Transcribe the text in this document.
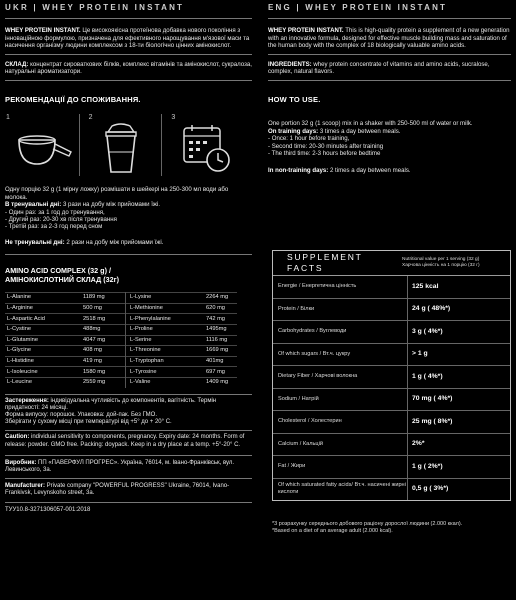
UKR | WHEY PROTEIN INSTANT
WHEY PROTEIN INSTANT. Це високоякісна протеїнова добавка нового покоління з інноваційною формулою, призначена для ефективного нарощування м'язової маси та насичення організму людини комплексом з 18-ти біологічно цінних амінокислот.
СКЛАД: концентрат сироваткових білків, комплекс вітамінів та амінокислот, сукралоза, натуральні ароматизатори.
РЕКОМЕНДАЦІЇ ДО СПОЖИВАННЯ.
1	2	3
Одну порцію 32 g (1 мірну ложку) розмішати в шейкері на 250-300 мл води або молока.
В тренувальні дні: 3 рази на добу між прийомами їжі.
- Один раз: за 1 год до тренування,
- Другий раз: 20-30 хв після тренування
- Третій раз: за 2-3 год перед сном
Не тренувальні дні: 2 рази на добу між прийомами їжі.
AMINO ACID COMPLEX (32 g) /
АМІНОКИСЛОТНИЙ СКЛАД (32г)
L-Alanine	1189 mg	L-Lysine	2264 mg
L-Arginine	500 mg	L-Methionine	620 mg
L-Aspartic Acid	2518 mg	L-Phenylalanine	742 mg
L-Cystine	488mg	L-Proline	1495mg
L-Glutamine	4047 mg	L-Serine	1116 mg
L-Glycine	408 mg	L-Threonine	1669 mg
L-Histidine	419 mg	L-Tryptophan	401mg
L-Isoleucine	1580 mg	L-Tyrosine	697 mg
L-Leucine	2559 mg	L-Valine	1409 mg
Застереження: індивідуальна чутливість до компонентів, вагітність. Термін придатності: 24 місяці.
Форма випуску: порошок. Упаковка: дой-пак. Без ГМО.
Зберігати у сухому місці при температурі від +5° до + 20° С.
Caution: individual sensitivity to components, pregnancy. Expiry date: 24 months. Form of release: powder. GMO free. Packing: doypack. Keep in a dry place at a temp. +5°-20° C.
Виробник: ПП «ПАВЕРФУЛ ПРОГРЕС». Україна, 76014, м. Івано-Франківськ, вул. Левинського, 3а.
Manufacturer: Private company "POWERFUL PROGRESS" Ukraine, 76014, Ivano-Frankivsk, Levynskoho street, 3a.
ТУУ10.8-3271306057-001:2018
ENG | WHEY PROTEIN INSTANT
WHEY PROTEIN INSTANT. This is high-quality protein a supplement of a new generation with an innovative formula, designed for effective muscle building mass and saturation of the human body with the complex of 18 biologically valuable amino acids.
INGREDIENTS: whey protein concentrate of vitamins and amino acids, sucralose, complex, natural flavors.
HOW TO USE.
One portion 32 g (1 scoop) mix in a shaker with 250-500 ml of water or milk.
On training days: 3 times a day between meals.
- Once: 1 hour before training,
- Second time: 20-30 minutes after training
- The third time: 2-3 hours before bedtime
In non-training days: 2 times a day between meals.
SUPPLEMENT FACTS
Nutritional value per 1 serving (32 g)
Харчова цінність на 1 порцію (32 г)
Energie / Енергетична цінність	125 kcal
Protein / Білки	24 g ( 48%*)
Carbohydrates / Вуглеводи	3 g ( 4%*)
Of which sugars / Вт.ч. цукру	> 1 g
Dietary Fiber / Харчові волокна	1 g ( 4%*)
Sodium / Натрій	70 mg ( 4%*)
Cholesterol / Холестерин	25 mg ( 8%*)
Calcium / Кальцій	2%*
Fat / Жири	1 g ( 2%*)
Of which saturated fatty acids/ Вт.ч. насичені жирні кислоти
0,5 g ( 3%*)
*3 розрахунку середнього добового раціону дорослої людини (2.000 ккал).
*Based on a diet of an average adult (2.000 kcal).
